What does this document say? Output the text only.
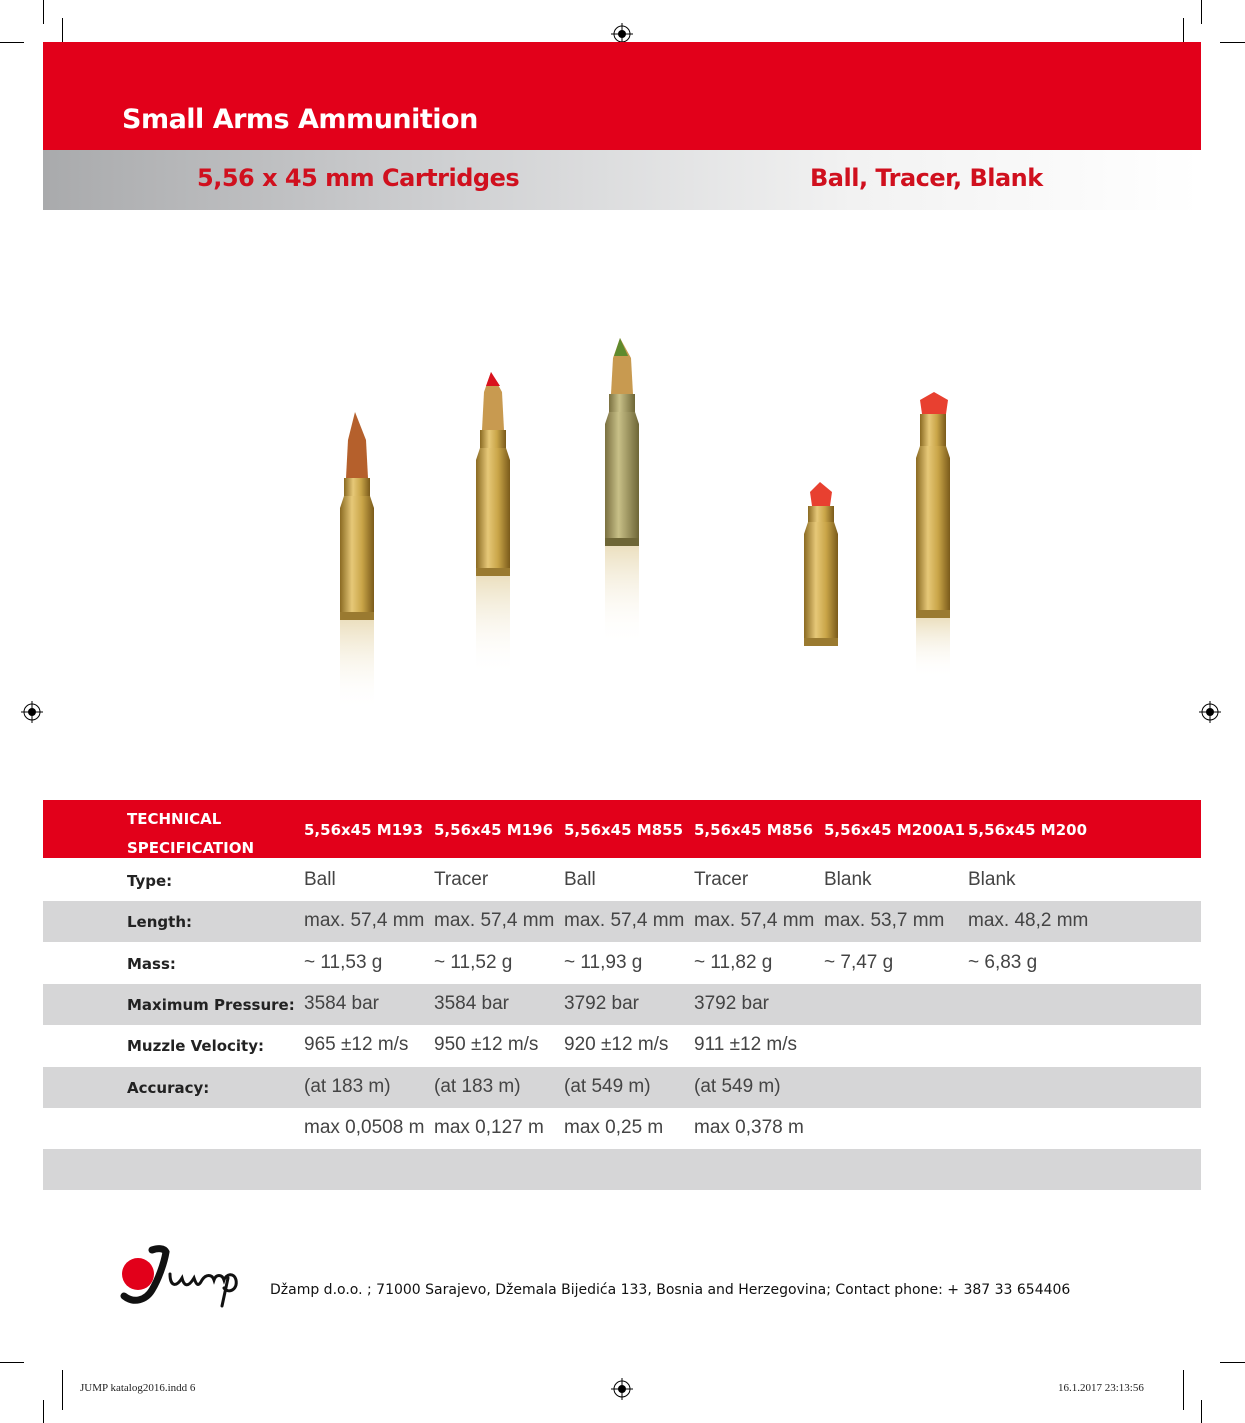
Small Arms Ammunition
5,56 x 45 mm Cartridges	Ball, Tracer, Blank
TECHNICAL
SPECIFICATION
5,56x45 M193 5,56x45 M196 5,56x45 M855 5,56x45 M856 5,56x45 M200A1 5,56x45 M200
Type:	Ball	Tracer	Ball	Tracer	Blank	Blank
Length:	max. 57,4 mm max. 57,4 mm max. 57,4 mm max. 57,4 mm max. 53,7 mm max. 48,2 mm
Mass:	~ 11,53 g	~ 11,52 g	~ 11,93 g	~ 11,82 g	~ 7,47 g	~ 6,83 g
Maximum Pressure: 3584 bar	3584 bar	3792 bar	3792 bar
Muzzle Velocity: 965 ±12 m/s 950 ±12 m/s 920 ±12 m/s 911 ±12 m/s
Accuracy:	(at 183 m) (at 183 m) (at 549 m) (at 549 m)
max 0,0508 m max 0,127 m max 0,25 m max 0,378 m
Džamp d.o.o. ; 71000 Sarajevo, Džemala Bijedića 133, Bosnia and Herzegovina; Contact phone: + 387 33 654406
JUMP katalog2016.indd 6	16.1.2017 23:13:56
